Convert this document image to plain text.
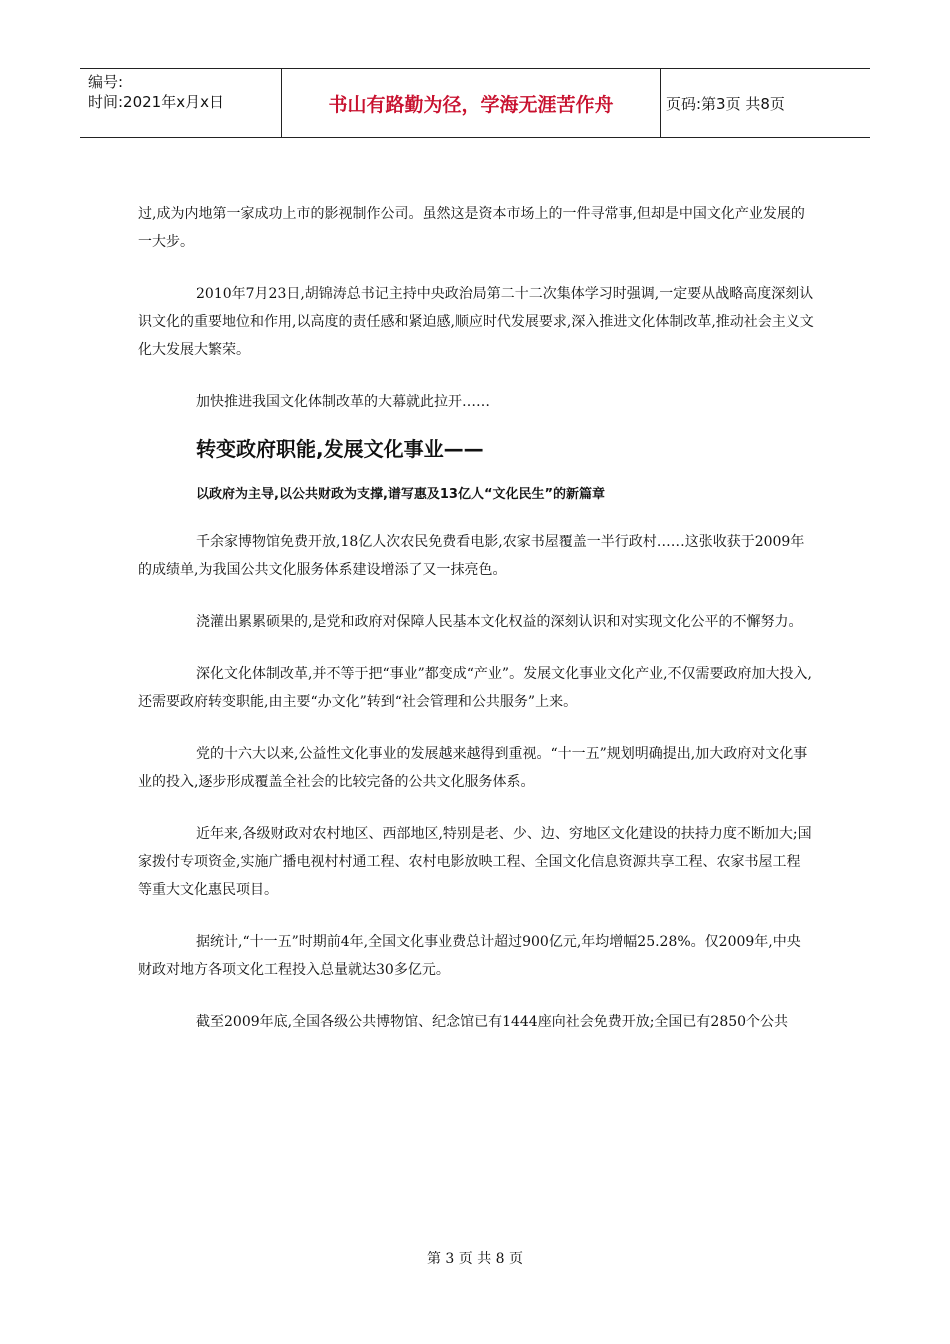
编号:
时间:2021年x月x日	书山有路勤为径，学海无涯苦作舟	页码:第3页 共8页

过,成为内地第一家成功上市的影视制作公司。虽然这是资本市场上的一件寻常事,但却是中国文化产业发展的一大步。

2010年7月23日,胡锦涛总书记主持中央政治局第二十二次集体学习时强调,一定要从战略高度深刻认识文化的重要地位和作用,以高度的责任感和紧迫感,顺应时代发展要求,深入推进文化体制改革,推动社会主义文化大发展大繁荣。

加快推进我国文化体制改革的大幕就此拉开……

转变政府职能,发展文化事业——
以政府为主导,以公共财政为支撑,谱写惠及13亿人“文化民生”的新篇章

千余家博物馆免费开放,18亿人次农民免费看电影,农家书屋覆盖一半行政村……这张收获于2009年的成绩单,为我国公共文化服务体系建设增添了又一抹亮色。

浇灌出累累硕果的,是党和政府对保障人民基本文化权益的深刻认识和对实现文化公平的不懈努力。

深化文化体制改革,并不等于把“事业”都变成“产业”。发展文化事业文化产业,不仅需要政府加大投入,还需要政府转变职能,由主要“办文化”转到“社会管理和公共服务”上来。

党的十六大以来,公益性文化事业的发展越来越得到重视。“十一五”规划明确提出,加大政府对文化事业的投入,逐步形成覆盖全社会的比较完备的公共文化服务体系。

近年来,各级财政对农村地区、西部地区,特别是老、少、边、穷地区文化建设的扶持力度不断加大;国家拨付专项资金,实施广播电视村村通工程、农村电影放映工程、全国文化信息资源共享工程、农家书屋工程等重大文化惠民项目。

据统计,“十一五”时期前4年,全国文化事业费总计超过900亿元,年均增幅25.28%。仅2009年,中央财政对地方各项文化工程投入总量就达30多亿元。

截至2009年底,全国各级公共博物馆、纪念馆已有1444座向社会免费开放;全国已有2850个公共

第 3 页 共 8 页
